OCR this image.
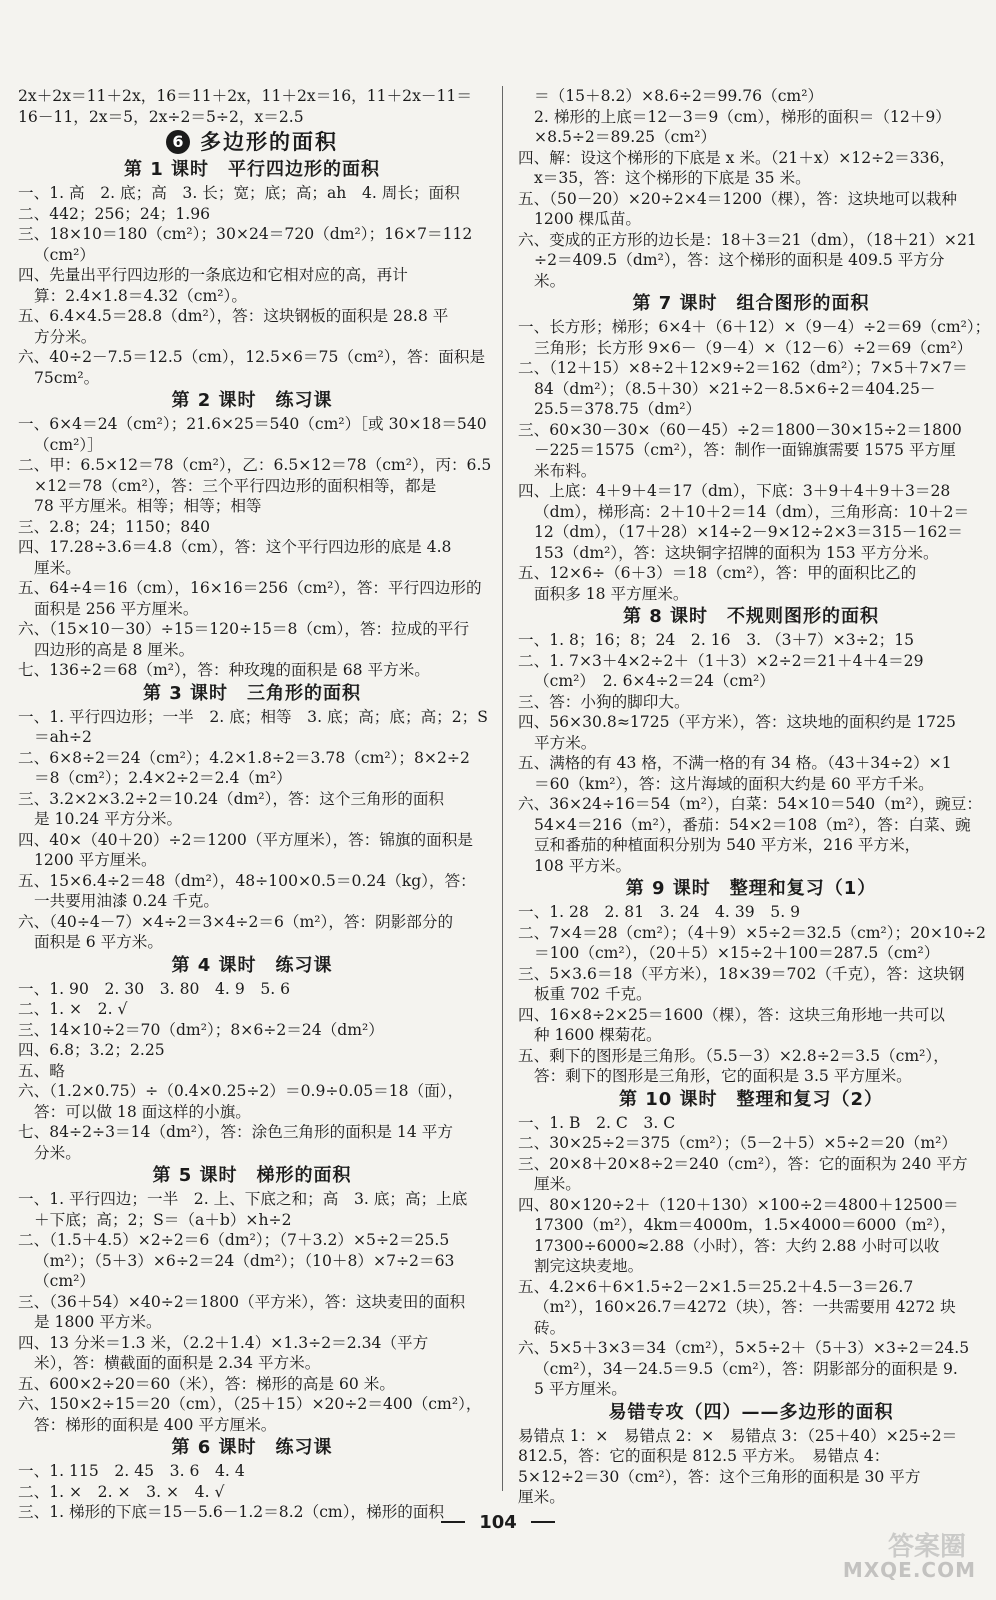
2x＋2x＝11＋2x，16＝11＋2x，11＋2x＝16，11＋2x－11＝
16－11，2x＝5，2x÷2＝5÷2，x＝2.5
6 多边形的面积
第 1 课时　平行四边形的面积
一、1. 高　2. 底；高　3. 长；宽；底；高；ah　4. 周长；面积
二、442；256；24；1.96
三、18×10＝180（cm²）；30×24＝720（dm²）；16×7＝112
（cm²）
四、先量出平行四边形的一条底边和它相对应的高，再计
算：2.4×1.8＝4.32（cm²）。
五、6.4×4.5＝28.8（dm²），答：这块钢板的面积是 28.8 平
方分米。
六、40÷2－7.5＝12.5（cm），12.5×6＝75（cm²），答：面积是
75cm²。
第 2 课时　练习课
一、6×4＝24（cm²）；21.6×25＝540（cm²）［或 30×18＝540
（cm²）］
二、甲：6.5×12＝78（cm²），乙：6.5×12＝78（cm²），丙：6.5
×12＝78（cm²），答：三个平行四边形的面积相等，都是
78 平方厘米。相等；相等；相等
三、2.8；24；1150；840
四、17.28÷3.6＝4.8（cm），答：这个平行四边形的底是 4.8
厘米。
五、64÷4＝16（cm），16×16＝256（cm²），答：平行四边形的
面积是 256 平方厘米。
六、（15×10－30）÷15＝120÷15＝8（cm），答：拉成的平行
四边形的高是 8 厘米。
七、136÷2＝68（m²），答：种玫瑰的面积是 68 平方米。
第 3 课时　三角形的面积
一、1. 平行四边形；一半　2. 底；相等　3. 底；高；底；高；2；S
＝ah÷2
二、6×8÷2＝24（cm²）；4.2×1.8÷2＝3.78（cm²）；8×2÷2
＝8（cm²）；2.4×2÷2＝2.4（m²）
三、3.2×2×3.2÷2＝10.24（dm²），答：这个三角形的面积
是 10.24 平方分米。
四、40×（40＋20）÷2＝1200（平方厘米），答：锦旗的面积是
1200 平方厘米。
五、15×6.4÷2＝48（dm²），48÷100×0.5＝0.24（kg），答：
一共要用油漆 0.24 千克。
六、（40÷4－7）×4÷2＝3×4÷2＝6（m²），答：阴影部分的
面积是 6 平方米。
第 4 课时　练习课
一、1. 90　2. 30　3. 80　4. 9　5. 6
二、1. ×　2. √
三、14×10÷2＝70（dm²）；8×6÷2＝24（dm²）
四、6.8；3.2；2.25
五、略
六、（1.2×0.75）÷（0.4×0.25÷2）＝0.9÷0.05＝18（面），
答：可以做 18 面这样的小旗。
七、84÷2÷3＝14（dm²），答：涂色三角形的面积是 14 平方
分米。
第 5 课时　梯形的面积
一、1. 平行四边；一半　2. 上、下底之和；高　3. 底；高；上底
＋下底；高；2；S＝（a＋b）×h÷2
二、（1.5＋4.5）×2÷2＝6（dm²）；（7＋3.2）×5÷2＝25.5
（m²）；（5＋3）×6÷2＝24（dm²）；（10＋8）×7÷2＝63
（cm²）
三、（36＋54）×40÷2＝1800（平方米），答：这块麦田的面积
是 1800 平方米。
四、13 分米＝1.3 米，（2.2＋1.4）×1.3÷2＝2.34（平方
米），答：横截面的面积是 2.34 平方米。
五、600×2÷20＝60（米），答：梯形的高是 60 米。
六、150×2÷15＝20（cm），（25＋15）×20÷2＝400（cm²），
答：梯形的面积是 400 平方厘米。
第 6 课时　练习课
一、1. 115　2. 45　3. 6　4. 4
二、1. ×　2. ×　3. ×　4. √
三、1. 梯形的下底＝15－5.6－1.2＝8.2（cm），梯形的面积
＝（15＋8.2）×8.6÷2＝99.76（cm²）
2. 梯形的上底＝12－3＝9（cm），梯形的面积＝（12＋9）
×8.5÷2＝89.25（cm²）
四、解：设这个梯形的下底是 x 米。（21＋x）×12÷2＝336，
x＝35，答：这个梯形的下底是 35 米。
五、（50－20）×20÷2×4＝1200（棵），答：这块地可以栽种
1200 棵瓜苗。
六、变成的正方形的边长是：18＋3＝21（dm），（18＋21）×21
÷2＝409.5（dm²），答：这个梯形的面积是 409.5 平方分
米。
第 7 课时　组合图形的面积
一、长方形；梯形；6×4＋（6＋12）×（9－4）÷2＝69（cm²）；
三角形；长方形 9×6－（9－4）×（12－6）÷2＝69（cm²）
二、（12＋15）×8÷2＋12×9÷2＝162（dm²）；7×5＋7×7＝
84（dm²）；（8.5＋30）×21÷2－8.5×6÷2＝404.25－
25.5＝378.75（dm²）
三、60×30－30×（60－45）÷2＝1800－30×15÷2＝1800
－225＝1575（cm²），答：制作一面锦旗需要 1575 平方厘
米布料。
四、上底：4＋9＋4＝17（dm），下底：3＋9＋4＋9＋3＝28
（dm），梯形高：2＋10＋2＝14（dm），三角形高：10＋2＝
12（dm），（17＋28）×14÷2－9×12÷2×3＝315－162＝
153（dm²），答：这块铜字招牌的面积为 153 平方分米。
五、12×6÷（6＋3）＝18（cm²），答：甲的面积比乙的
面积多 18 平方厘米。
第 8 课时　不规则图形的面积
一、1. 8；16；8；24　2. 16　3. （3＋7）×3÷2；15
二、1. 7×3＋4×2÷2＋（1＋3）×2÷2＝21＋4＋4＝29
（cm²）　2. 6×4÷2＝24（cm²）
三、答：小狗的脚印大。
四、56×30.8≈1725（平方米），答：这块地的面积约是 1725
平方米。
五、满格的有 43 格，不满一格的有 34 格。（43＋34÷2）×1
＝60（km²），答：这片海域的面积大约是 60 平方千米。
六、36×24÷16＝54（m²），白菜：54×10＝540（m²），豌豆：
54×4＝216（m²），番茄：54×2＝108（m²），答：白菜、豌
豆和番茄的种植面积分别为 540 平方米，216 平方米，
108 平方米。
第 9 课时　整理和复习（1）
一、1. 28　2. 81　3. 24　4. 39　5. 9
二、7×4＝28（cm²）；（4＋9）×5÷2＝32.5（cm²）；20×10÷2
＝100（cm²），（20＋5）×15÷2＋100＝287.5（cm²）
三、5×3.6＝18（平方米），18×39＝702（千克），答：这块钢
板重 702 千克。
四、16×8÷2×25＝1600（棵），答：这块三角形地一共可以
种 1600 棵菊花。
五、剩下的图形是三角形。（5.5－3）×2.8÷2＝3.5（cm²），
答：剩下的图形是三角形，它的面积是 3.5 平方厘米。
第 10 课时　整理和复习（2）
一、1. B　2. C　3. C
二、30×25÷2＝375（cm²）；（5－2＋5）×5÷2＝20（m²）
三、20×8＋20×8÷2＝240（cm²），答：它的面积为 240 平方
厘米。
四、80×120÷2＋（120＋130）×100÷2＝4800＋12500＝
17300（m²），4km＝4000m，1.5×4000＝6000（m²），
17300÷6000≈2.88（小时），答：大约 2.88 小时可以收
割完这块麦地。
五、4.2×6＋6×1.5÷2－2×1.5＝25.2＋4.5－3＝26.7
（m²），160×26.7＝4272（块），答：一共需要用 4272 块
砖。
六、5×5＋3×3＝34（cm²），5×5÷2＋（5＋3）×3÷2＝24.5
（cm²），34－24.5＝9.5（cm²），答：阴影部分的面积是 9.
5 平方厘米。
易错专攻（四）——多边形的面积
易错点 1：×　易错点 2：×　易错点 3：（25＋40）×25÷2＝
812.5，答：它的面积是 812.5 平方米。　易错点 4：
5×12÷2＝30（cm²），答：这个三角形的面积是 30 平方
厘米。
104
答案圈
MXQE.COM
